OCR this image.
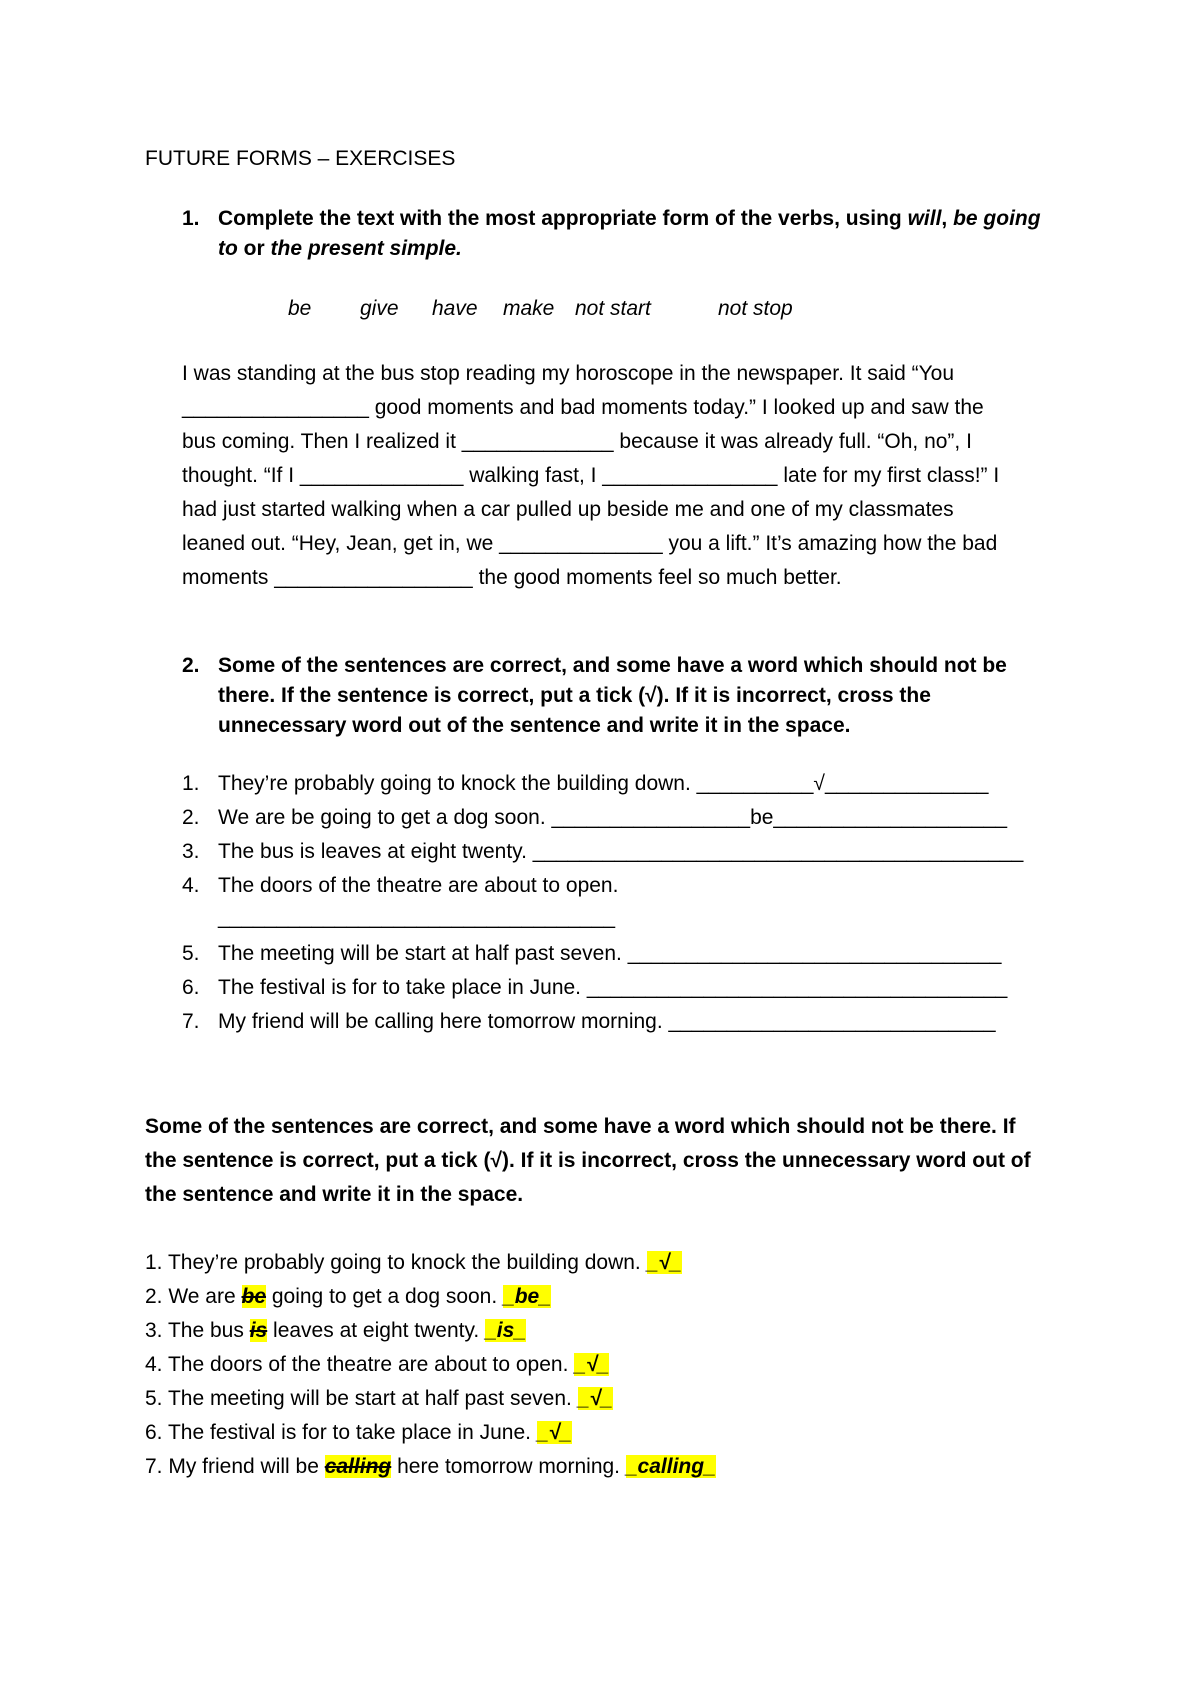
FUTURE FORMS – EXERCISES
1. Complete the text with the most appropriate form of the verbs, using will, be going
to or the present simple.
be give have make not start	not stop
I was standing at the bus stop reading my horoscope in the newspaper. It said “You
________________ good moments and bad moments today.” I looked up and saw the
bus coming. Then I realized it _____________ because it was already full. “Oh, no”, I
thought. “If I ______________ walking fast, I _______________ late for my first class!” I
had just started walking when a car pulled up beside me and one of my classmates
leaned out. “Hey, Jean, get in, we ______________ you a lift.” It’s amazing how the bad
moments _________________ the good moments feel so much better.
2. Some of the sentences are correct, and some have a word which should not be
there. If the sentence is correct, put a tick (√). If it is incorrect, cross the
unnecessary word out of the sentence and write it in the space.
1. They’re probably going to knock the building down. __________√______________
2. We are be going to get a dog soon. _________________be____________________
3. The bus is leaves at eight twenty. __________________________________________
4. The doors of the theatre are about to open.
__________________________________
5. The meeting will be start at half past seven. ________________________________
6. The festival is for to take place in June. ____________________________________
7. My friend will be calling here tomorrow morning. ____________________________
Some of the sentences are correct, and some have a word which should not be there. If
the sentence is correct, put a tick (√). If it is incorrect, cross the unnecessary word out of
the sentence and write it in the space.
1. They’re probably going to knock the building down. _√_
2. We are be going to get a dog soon. _be_
3. The bus is leaves at eight twenty. _is_
4. The doors of the theatre are about to open. _√_
5. The meeting will be start at half past seven. _√_
6. The festival is for to take place in June. _√_
7. My friend will be calling here tomorrow morning. _calling_
